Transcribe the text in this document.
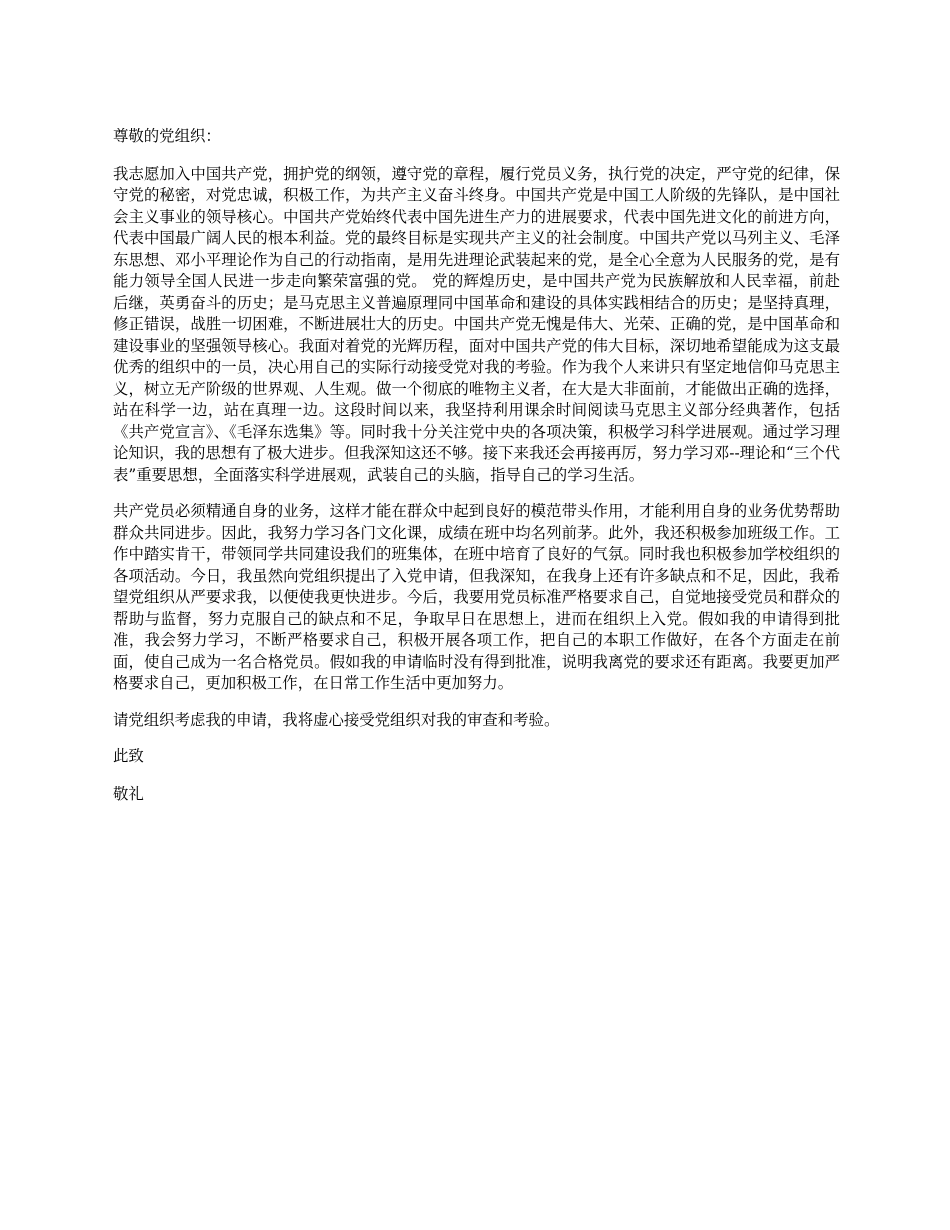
尊敬的党组织：

我志愿加入中国共产党，拥护党的纲领，遵守党的章程，履行党员义务，执行党的决定，严守党的纪律，保守党的秘密，对党忠诚，积极工作，为共产主义奋斗终身。中国共产党是中国工人阶级的先锋队，是中国社会主义事业的领导核心。中国共产党始终代表中国先进生产力的进展要求，代表中国先进文化的前进方向，代表中国最广阔人民的根本利益。党的最终目标是实现共产主义的社会制度。中国共产党以马列主义、毛泽东思想、邓小平理论作为自己的行动指南，是用先进理论武装起来的党，是全心全意为人民服务的党，是有能力领导全国人民进一步走向繁荣富强的党。 党的辉煌历史，是中国共产党为民族解放和人民幸福，前赴后继，英勇奋斗的历史；是马克思主义普遍原理同中国革命和建设的具体实践相结合的历史；是坚持真理，修正错误，战胜一切困难，不断进展壮大的历史。中国共产党无愧是伟大、光荣、正确的党，是中国革命和建设事业的坚强领导核心。我面对着党的光辉历程，面对中国共产党的伟大目标，深切地希望能成为这支最优秀的组织中的一员，决心用自己的实际行动接受党对我的考验。作为我个人来讲只有坚定地信仰马克思主义，树立无产阶级的世界观、人生观。做一个彻底的唯物主义者，在大是大非面前，才能做出正确的选择，站在科学一边，站在真理一边。这段时间以来，我坚持利用课余时间阅读马克思主义部分经典著作，包括《共产党宣言》、《毛泽东选集》等。同时我十分关注党中央的各项决策，积极学习科学进展观。通过学习理论知识，我的思想有了极大进步。但我深知这还不够。接下来我还会再接再厉，努力学习邓--理论和“三个代表”重要思想，全面落实科学进展观，武装自己的头脑，指导自己的学习生活。

共产党员必须精通自身的业务，这样才能在群众中起到良好的模范带头作用，才能利用自身的业务优势帮助群众共同进步。因此，我努力学习各门文化课，成绩在班中均名列前茅。此外，我还积极参加班级工作。工作中踏实肯干，带领同学共同建设我们的班集体，在班中培育了良好的气氛。同时我也积极参加学校组织的各项活动。今日，我虽然向党组织提出了入党申请，但我深知，在我身上还有许多缺点和不足，因此，我希望党组织从严要求我，以便使我更快进步。今后，我要用党员标准严格要求自己，自觉地接受党员和群众的帮助与监督，努力克服自己的缺点和不足，争取早日在思想上，进而在组织上入党。假如我的申请得到批准，我会努力学习，不断严格要求自己，积极开展各项工作，把自己的本职工作做好，在各个方面走在前面，使自己成为一名合格党员。假如我的申请临时没有得到批准，说明我离党的要求还有距离。我要更加严格要求自己，更加积极工作，在日常工作生活中更加努力。

请党组织考虑我的申请，我将虚心接受党组织对我的审查和考验。

此致

敬礼
